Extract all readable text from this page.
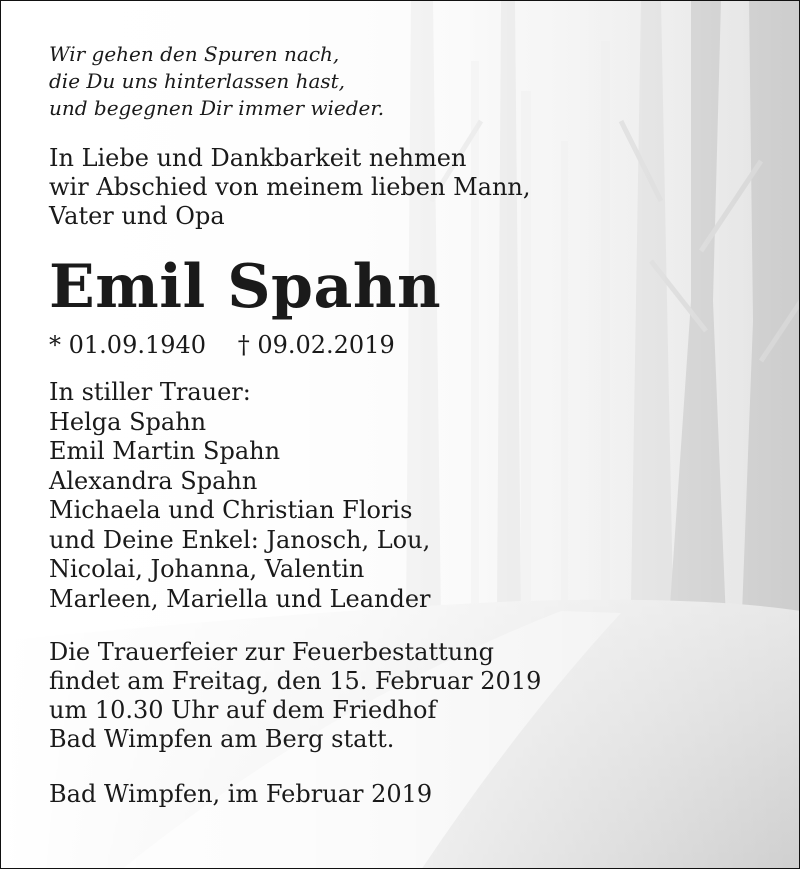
Wir gehen den Spuren nach,
die Du uns hinterlassen hast,
und begegnen Dir immer wieder.
In Liebe und Dankbarkeit nehmen
wir Abschied von meinem lieben Mann,
Vater und Opa
Emil Spahn
* 01.09.1940 † 09.02.2019
In stiller Trauer:
Helga Spahn
Emil Martin Spahn
Alexandra Spahn
Michaela und Christian Floris
und Deine Enkel: Janosch, Lou,
Nicolai, Johanna, Valentin
Marleen, Mariella und Leander
Die Trauerfeier zur Feuerbestattung
findet am Freitag, den 15. Februar 2019
um 10.30 Uhr auf dem Friedhof
Bad Wimpfen am Berg statt.
Bad Wimpfen, im Februar 2019
